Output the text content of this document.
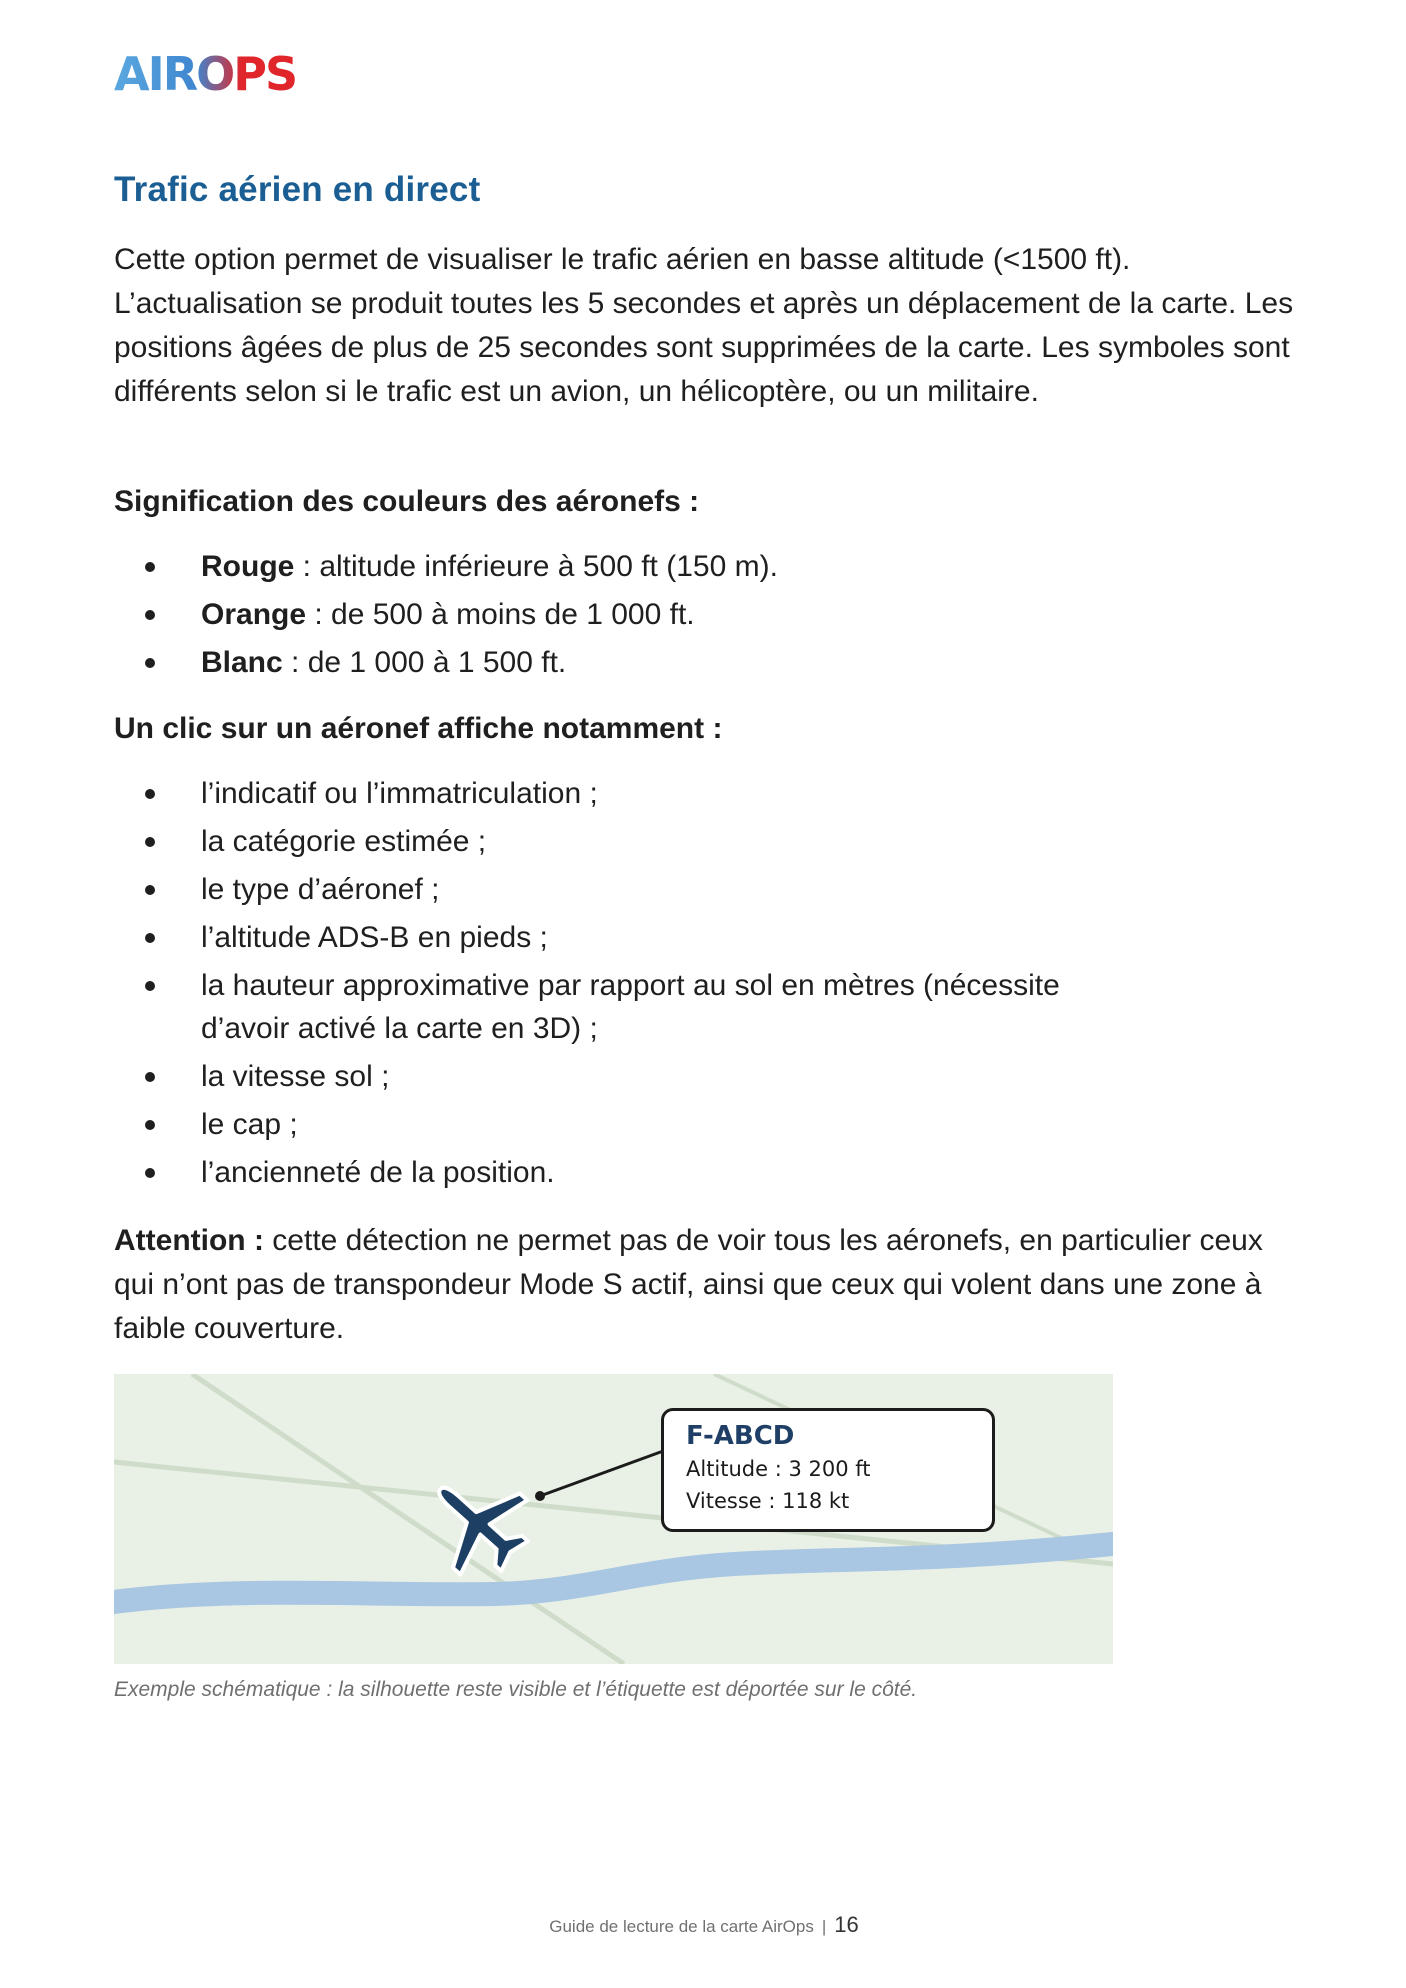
AIROPS
Trafic aérien en direct

Cette option permet de visualiser le trafic aérien en basse altitude (<1500 ft). L’actualisation se produit toutes les 5 secondes et après un déplacement de la carte. Les positions âgées de plus de 25 secondes sont supprimées de la carte. Les symboles sont différents selon si le trafic est un avion, un hélicoptère, ou un militaire.

Signification des couleurs des aéronefs :

Rouge : altitude inférieure à 500 ft (150 m).
Orange : de 500 à moins de 1 000 ft.
Blanc : de 1 000 à 1 500 ft.

Un clic sur un aéronef affiche notamment :

l’indicatif ou l’immatriculation ;
la catégorie estimée ;
le type d’aéronef ;
l’altitude ADS-B en pieds ;
la hauteur approximative par rapport au sol en mètres (nécessite d’avoir activé la carte en 3D) ;
la vitesse sol ;
le cap ;
l’ancienneté de la position.

Attention : cette détection ne permet pas de voir tous les aéronefs, en particulier ceux qui n’ont pas de transpondeur Mode S actif, ainsi que ceux qui volent dans une zone à faible couverture.

F-ABCD
Altitude : 3 200 ft
Vitesse : 118 kt

Exemple schématique : la silhouette reste visible et l’étiquette est déportée sur le côté.

Guide de lecture de la carte AirOps | 16
